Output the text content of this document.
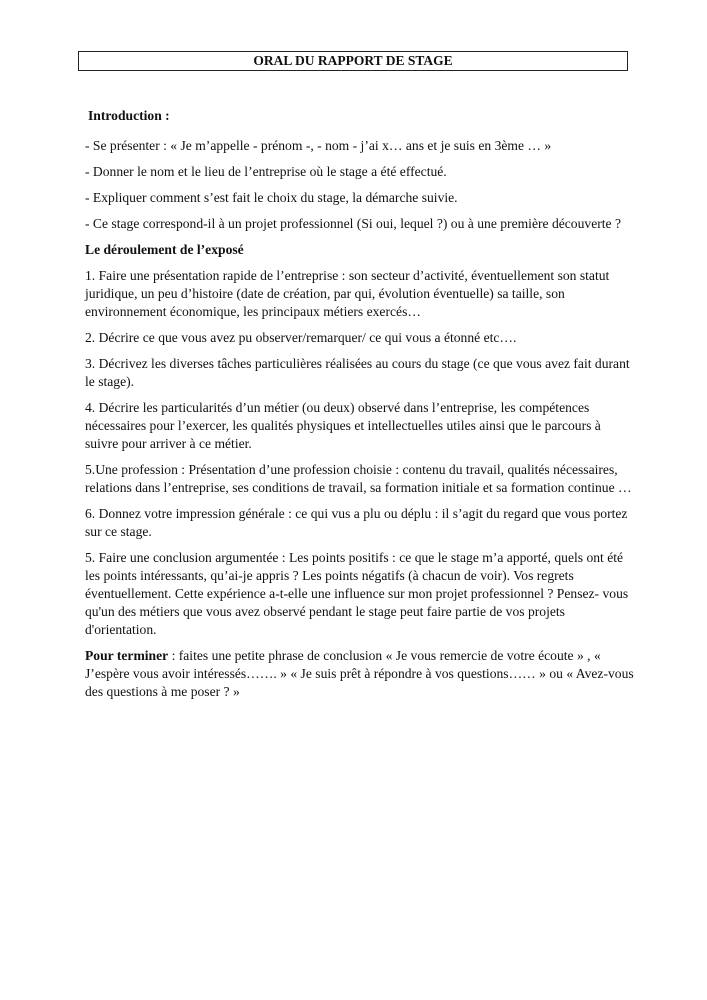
ORAL DU RAPPORT DE STAGE

Introduction :

- Se présenter : « Je m’appelle - prénom -, - nom - j’ai x… ans et je suis en 3ème … »

- Donner le nom et le lieu de l’entreprise où le stage a été effectué.

- Expliquer comment s’est fait le choix du stage, la démarche suivie.

- Ce stage correspond-il à un projet professionnel (Si oui, lequel ?) ou à une première découverte ?

Le déroulement de l’exposé

1. Faire une présentation rapide de l’entreprise : son secteur d’activité, éventuellement son statut juridique, un peu d’histoire (date de création, par qui, évolution éventuelle) sa taille, son environnement économique, les principaux métiers exercés…

2. Décrire ce que vous avez pu observer/remarquer/ ce qui vous a étonné etc….

3. Décrivez les diverses tâches particulières réalisées au cours du stage (ce que vous avez fait durant le stage).

4. Décrire les particularités d’un métier (ou deux) observé dans l’entreprise, les compétences nécessaires pour l’exercer, les qualités physiques et intellectuelles utiles ainsi que le parcours à suivre pour arriver à ce métier.

5.Une profession : Présentation d’une profession choisie : contenu du travail, qualités nécessaires, relations dans l’entreprise, ses conditions de travail, sa formation initiale et sa formation continue …

6. Donnez votre impression générale : ce qui vus a plu ou déplu : il s’agit du regard que vous portez sur ce stage.

5. Faire une conclusion argumentée : Les points positifs : ce que le stage m’a apporté, quels ont été les points intéressants, qu’ai-je appris ? Les points négatifs (à chacun de voir). Vos regrets éventuellement. Cette expérience a-t-elle une influence sur mon projet professionnel ? Pensez- vous qu'un des métiers que vous avez observé pendant le stage peut faire partie de vos projets d'orientation.

Pour terminer : faites une petite phrase de conclusion « Je vous remercie de votre écoute » , « J’espère vous avoir intéressés……. » « Je suis prêt à répondre à vos questions…… » ou « Avez-vous des questions à me poser ? »
